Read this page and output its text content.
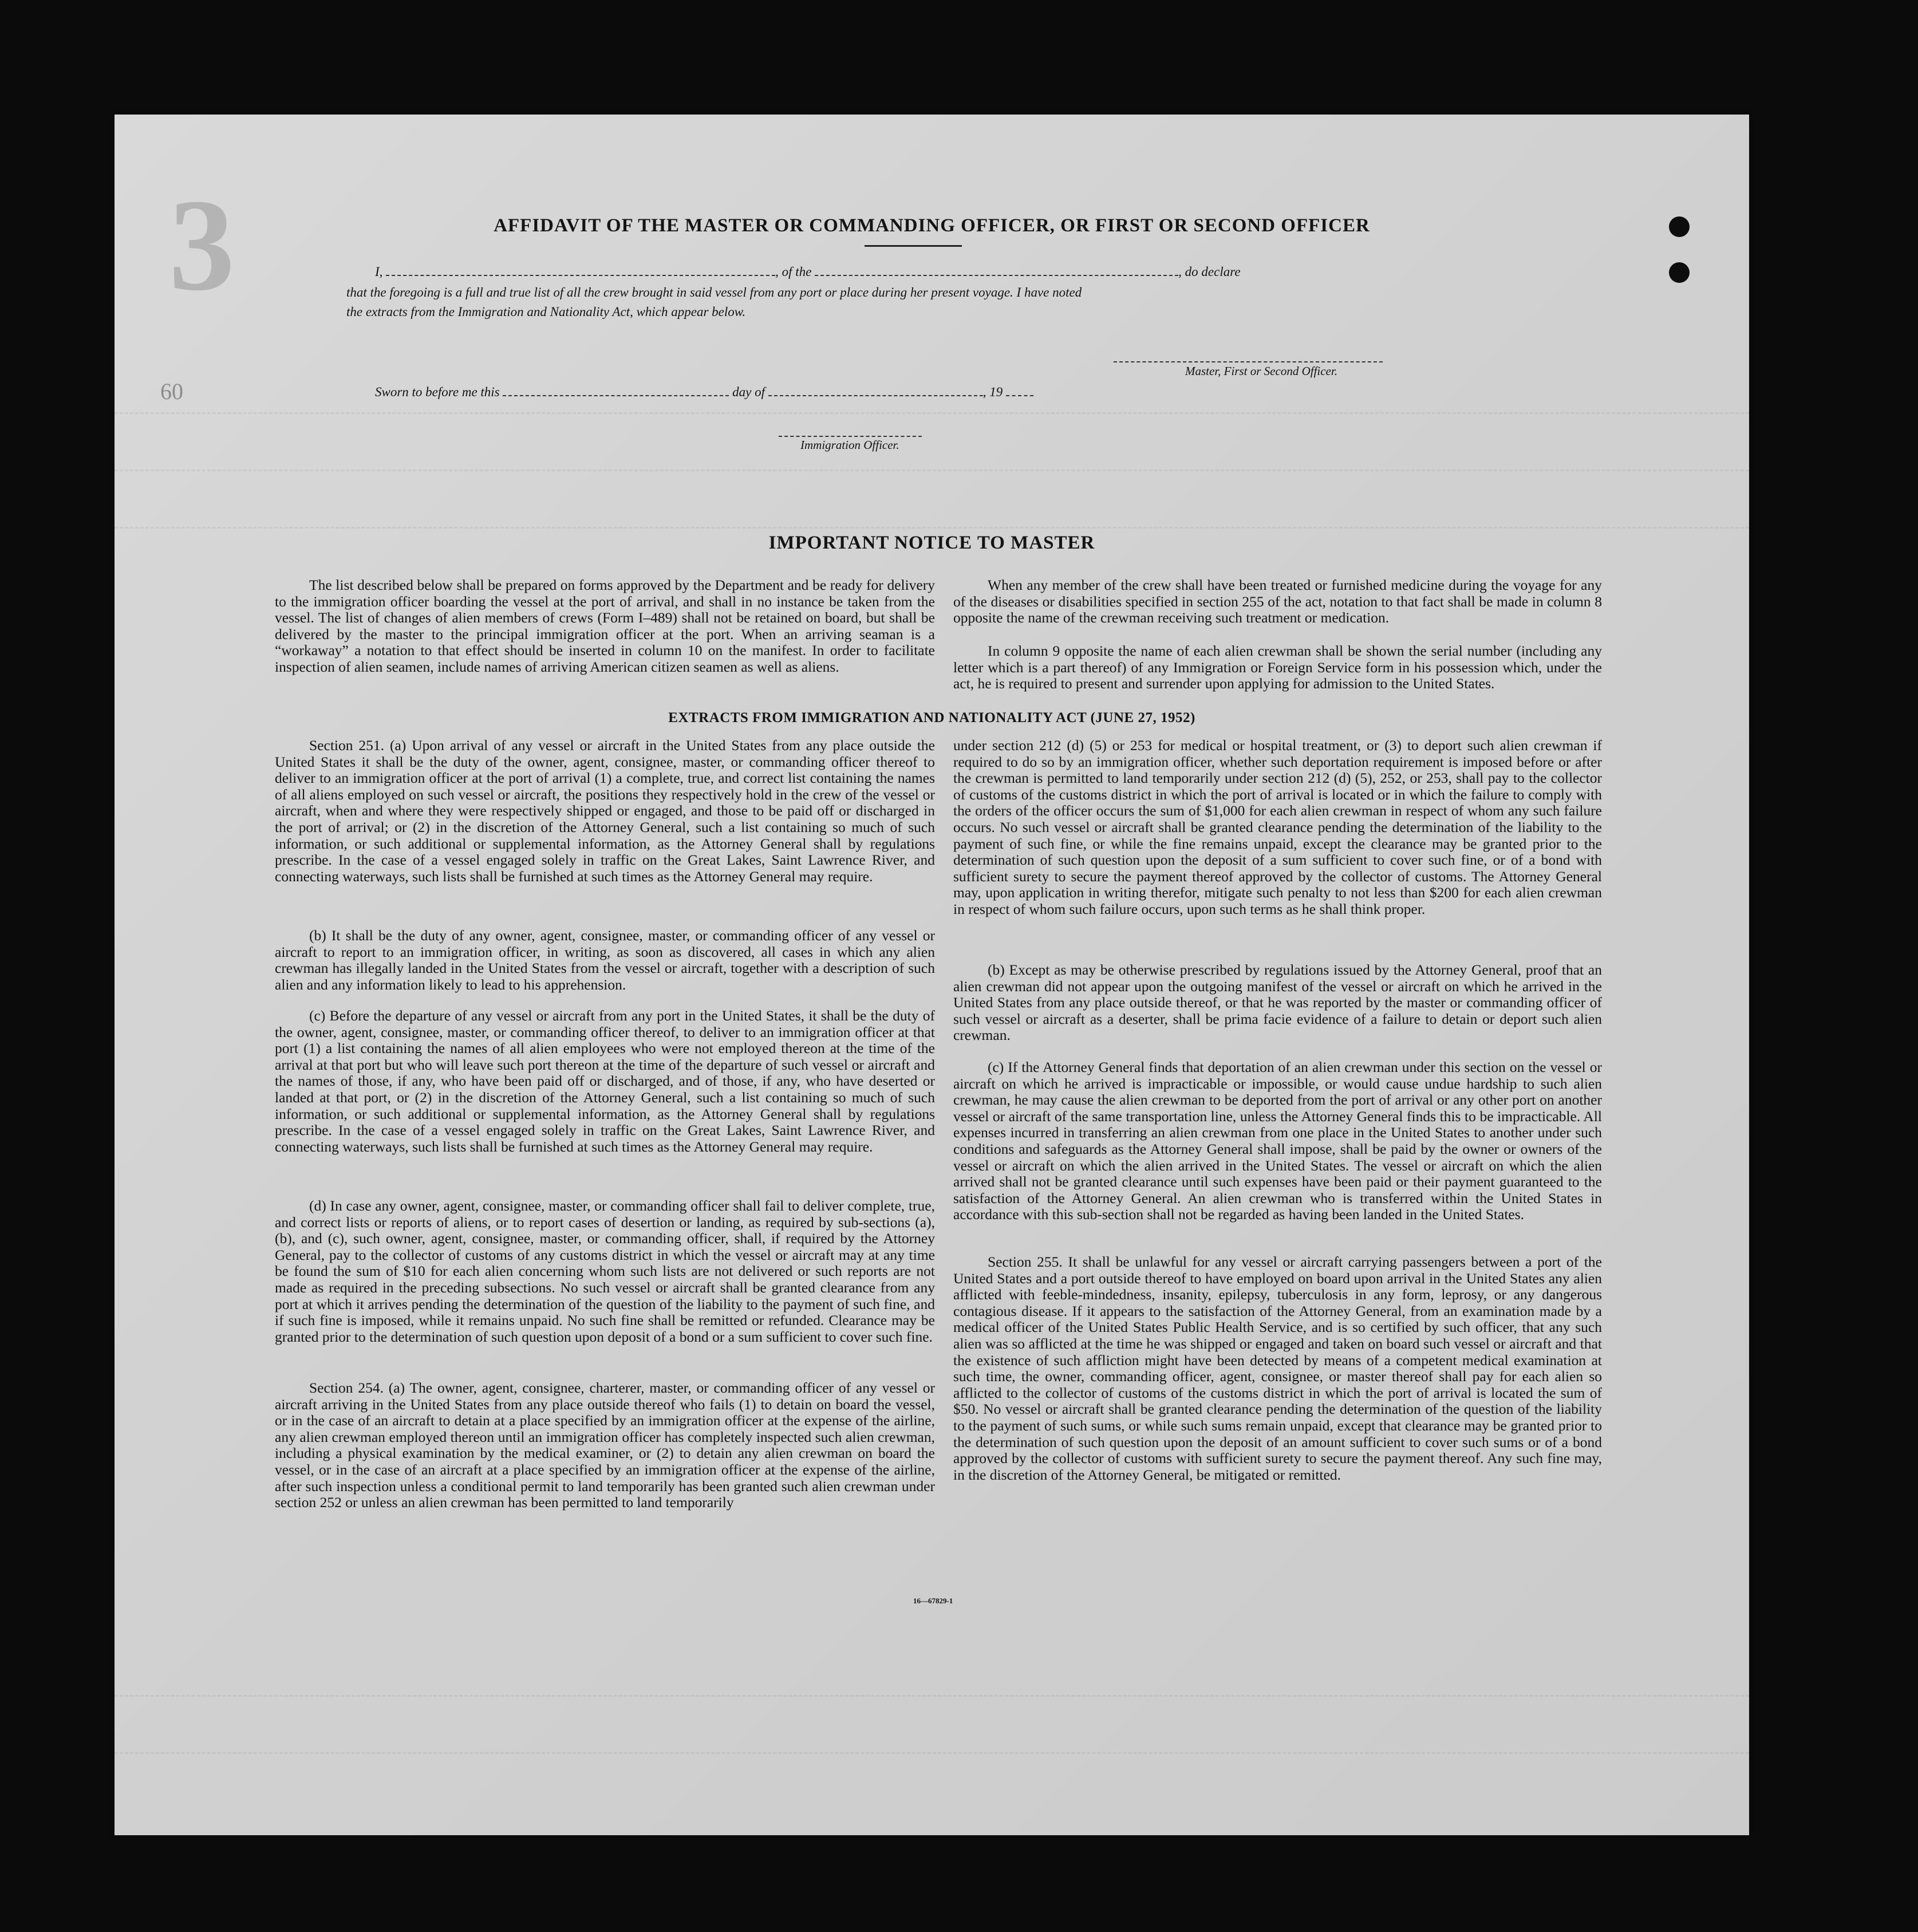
3
60
AFFIDAVIT OF THE MASTER OR COMMANDING OFFICER, OR FIRST OR SECOND OFFICER
I,	, of the	, do declare
that the foregoing is a full and true list of all the crew brought in said vessel from any port or place during her present voyage. I have noted
the extracts from the Immigration and Nationality Act, which appear below.
Master, First or Second Officer.
Sworn to before me this	day of	, 19
Immigration Officer.
IMPORTANT NOTICE TO MASTER
The list described below shall be prepared on forms approved by the Department and be ready for delivery to the immigration officer boarding the vessel at the port of arrival, and shall in no instance be taken from the vessel. The list of changes of alien members of crews (Form I–489) shall not be retained on board, but shall be delivered by the master to the principal immigration officer at the port. When an arriving seaman is a “workaway” a notation to that effect should be inserted in column 10 on the manifest. In order to facilitate inspection of alien seamen, include names of arriving American citizen seamen as well as aliens.
When any member of the crew shall have been treated or furnished medicine during the voyage for any of the diseases or disabilities specified in section 255 of the act, notation to that fact shall be made in column 8 opposite the name of the crewman receiving such treatment or medication.
In column 9 opposite the name of each alien crewman shall be shown the serial number (including any letter which is a part thereof) of any Immigration or Foreign Service form in his possession which, under the act, he is required to present and surrender upon applying for admission to the United States.
EXTRACTS FROM IMMIGRATION AND NATIONALITY ACT (JUNE 27, 1952)
Section 251. (a) Upon arrival of any vessel or aircraft in the United States from any place outside the United States it shall be the duty of the owner, agent, consignee, master, or commanding officer thereof to deliver to an immigration officer at the port of arrival (1) a complete, true, and correct list containing the names of all aliens employed on such vessel or aircraft, the positions they respectively hold in the crew of the vessel or aircraft, when and where they were respectively shipped or engaged, and those to be paid off or discharged in the port of arrival; or (2) in the discretion of the Attorney General, such a list containing so much of such information, or such additional or supplemental information, as the Attorney General shall by regulations prescribe. In the case of a vessel engaged solely in traffic on the Great Lakes, Saint Lawrence River, and connecting waterways, such lists shall be furnished at such times as the Attorney General may require.
(b) It shall be the duty of any owner, agent, consignee, master, or commanding officer of any vessel or aircraft to report to an immigration officer, in writing, as soon as discovered, all cases in which any alien crewman has illegally landed in the United States from the vessel or aircraft, together with a description of such alien and any information likely to lead to his apprehension.
(c) Before the departure of any vessel or aircraft from any port in the United States, it shall be the duty of the owner, agent, consignee, master, or commanding officer thereof, to deliver to an immigration officer at that port (1) a list containing the names of all alien employees who were not employed thereon at the time of the arrival at that port but who will leave such port thereon at the time of the departure of such vessel or aircraft and the names of those, if any, who have been paid off or discharged, and of those, if any, who have deserted or landed at that port, or (2) in the discretion of the Attorney General, such a list containing so much of such information, or such additional or supplemental information, as the Attorney General shall by regulations prescribe. In the case of a vessel engaged solely in traffic on the Great Lakes, Saint Lawrence River, and connecting waterways, such lists shall be furnished at such times as the Attorney General may require.
(d) In case any owner, agent, consignee, master, or commanding officer shall fail to deliver complete, true, and correct lists or reports of aliens, or to report cases of desertion or landing, as required by sub-sections (a), (b), and (c), such owner, agent, consignee, master, or commanding officer, shall, if required by the Attorney General, pay to the collector of customs of any customs district in which the vessel or aircraft may at any time be found the sum of $10 for each alien concerning whom such lists are not delivered or such reports are not made as required in the preceding subsections. No such vessel or aircraft shall be granted clearance from any port at which it arrives pending the determination of the question of the liability to the payment of such fine, and if such fine is imposed, while it remains unpaid. No such fine shall be remitted or refunded. Clearance may be granted prior to the determination of such question upon deposit of a bond or a sum sufficient to cover such fine.
Section 254. (a) The owner, agent, consignee, charterer, master, or commanding officer of any vessel or aircraft arriving in the United States from any place outside thereof who fails (1) to detain on board the vessel, or in the case of an aircraft to detain at a place specified by an immigration officer at the expense of the airline, any alien crewman employed thereon until an immigration officer has completely inspected such alien crewman, including a physical examination by the medical examiner, or (2) to detain any alien crewman on board the vessel, or in the case of an aircraft at a place specified by an immigration officer at the expense of the airline, after such inspection unless a conditional permit to land temporarily has been granted such alien crewman under section 252 or unless an alien crewman has been permitted to land temporarily
under section 212 (d) (5) or 253 for medical or hospital treatment, or (3) to deport such alien crewman if required to do so by an immigration officer, whether such deportation requirement is imposed before or after the crewman is permitted to land temporarily under section 212 (d) (5), 252, or 253, shall pay to the collector of customs of the customs district in which the port of arrival is located or in which the failure to comply with the orders of the officer occurs the sum of $1,000 for each alien crewman in respect of whom any such failure occurs. No such vessel or aircraft shall be granted clearance pending the determination of the liability to the payment of such fine, or while the fine remains unpaid, except the clearance may be granted prior to the determination of such question upon the deposit of a sum sufficient to cover such fine, or of a bond with sufficient surety to secure the payment thereof approved by the collector of customs. The Attorney General may, upon application in writing therefor, mitigate such penalty to not less than $200 for each alien crewman in respect of whom such failure occurs, upon such terms as he shall think proper.
(b) Except as may be otherwise prescribed by regulations issued by the Attorney General, proof that an alien crewman did not appear upon the outgoing manifest of the vessel or aircraft on which he arrived in the United States from any place outside thereof, or that he was reported by the master or commanding officer of such vessel or aircraft as a deserter, shall be prima facie evidence of a failure to detain or deport such alien crewman.
(c) If the Attorney General finds that deportation of an alien crewman under this section on the vessel or aircraft on which he arrived is impracticable or impossible, or would cause undue hardship to such alien crewman, he may cause the alien crewman to be deported from the port of arrival or any other port on another vessel or aircraft of the same transportation line, unless the Attorney General finds this to be impracticable. All expenses incurred in transferring an alien crewman from one place in the United States to another under such conditions and safeguards as the Attorney General shall impose, shall be paid by the owner or owners of the vessel or aircraft on which the alien arrived in the United States. The vessel or aircraft on which the alien arrived shall not be granted clearance until such expenses have been paid or their payment guaranteed to the satisfaction of the Attorney General. An alien crewman who is transferred within the United States in accordance with this sub-section shall not be regarded as having been landed in the United States.
Section 255. It shall be unlawful for any vessel or aircraft carrying passengers between a port of the United States and a port outside thereof to have employed on board upon arrival in the United States any alien afflicted with feeble-mindedness, insanity, epilepsy, tuberculosis in any form, leprosy, or any dangerous contagious disease. If it appears to the satisfaction of the Attorney General, from an examination made by a medical officer of the United States Public Health Service, and is so certified by such officer, that any such alien was so afflicted at the time he was shipped or engaged and taken on board such vessel or aircraft and that the existence of such affliction might have been detected by means of a competent medical examination at such time, the owner, commanding officer, agent, consignee, or master thereof shall pay for each alien so afflicted to the collector of customs of the customs district in which the port of arrival is located the sum of $50. No vessel or aircraft shall be granted clearance pending the determination of the question of the liability to the payment of such sums, or while such sums remain unpaid, except that clearance may be granted prior to the determination of such question upon the deposit of an amount sufficient to cover such sums or of a bond approved by the collector of customs with sufficient surety to secure the payment thereof. Any such fine may, in the discretion of the Attorney General, be mitigated or remitted.
16—67829-1
